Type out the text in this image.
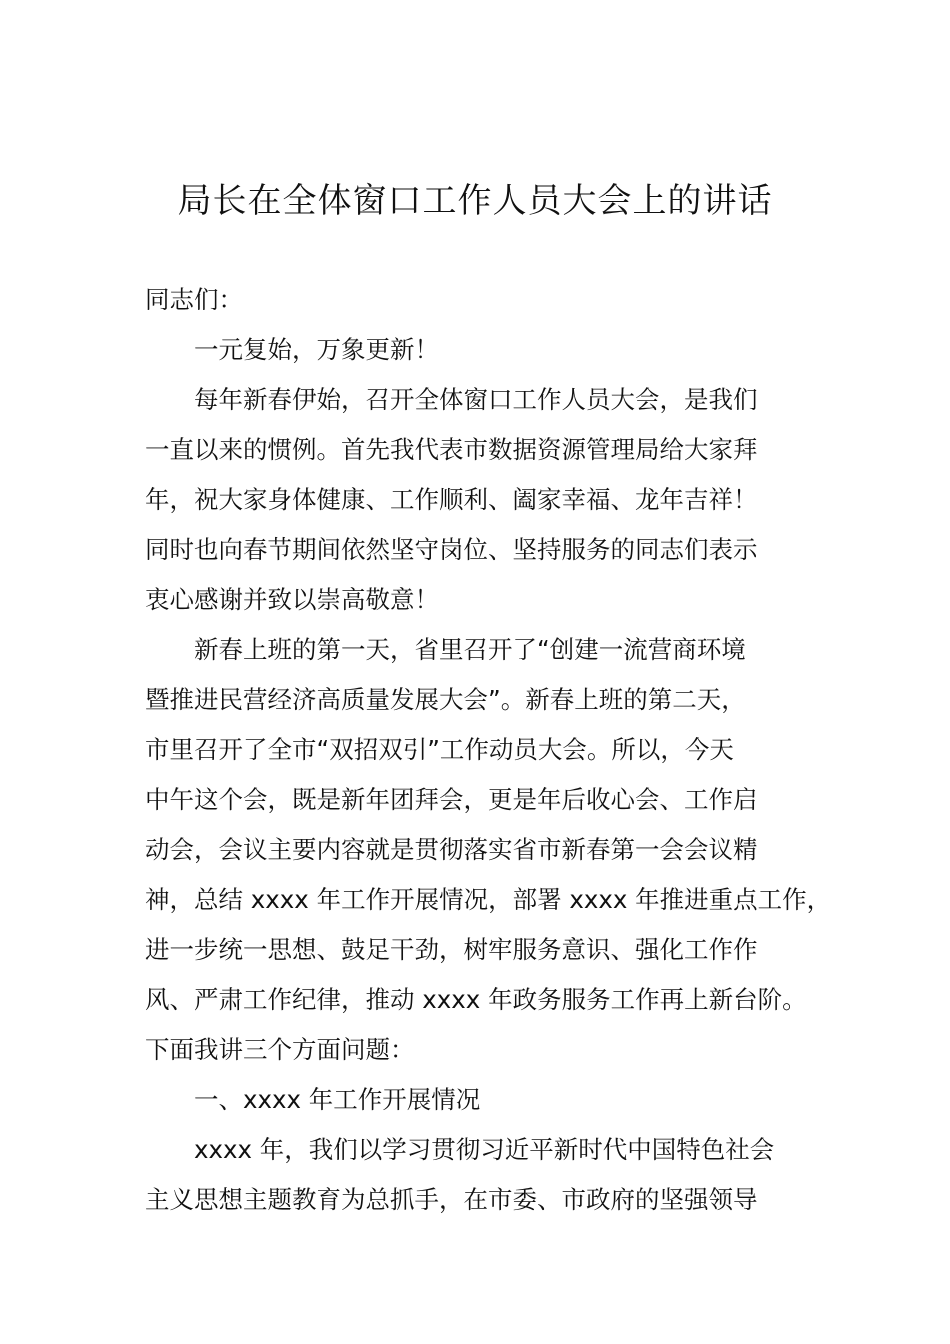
局长在全体窗口工作人员大会上的讲话
同志们：
一元复始，万象更新！
每年新春伊始，召开全体窗口工作人员大会，是我们
一直以来的惯例。首先我代表市数据资源管理局给大家拜
年，祝大家身体健康、工作顺利、阖家幸福、龙年吉祥！
同时也向春节期间依然坚守岗位、坚持服务的同志们表示
衷心感谢并致以崇高敬意！
新春上班的第一天，省里召开了“创建一流营商环境
暨推进民营经济高质量发展大会”。新春上班的第二天，
市里召开了全市“双招双引”工作动员大会。所以，今天
中午这个会，既是新年团拜会，更是年后收心会、工作启
动会，会议主要内容就是贯彻落实省市新春第一会会议精
神，总结 xxxx 年工作开展情况，部署 xxxx 年推进重点工作，
进一步统一思想、鼓足干劲，树牢服务意识、强化工作作
风、严肃工作纪律，推动 xxxx 年政务服务工作再上新台阶。
下面我讲三个方面问题：
一、xxxx 年工作开展情况
xxxx 年，我们以学习贯彻习近平新时代中国特色社会
主义思想主题教育为总抓手，在市委、市政府的坚强领导
